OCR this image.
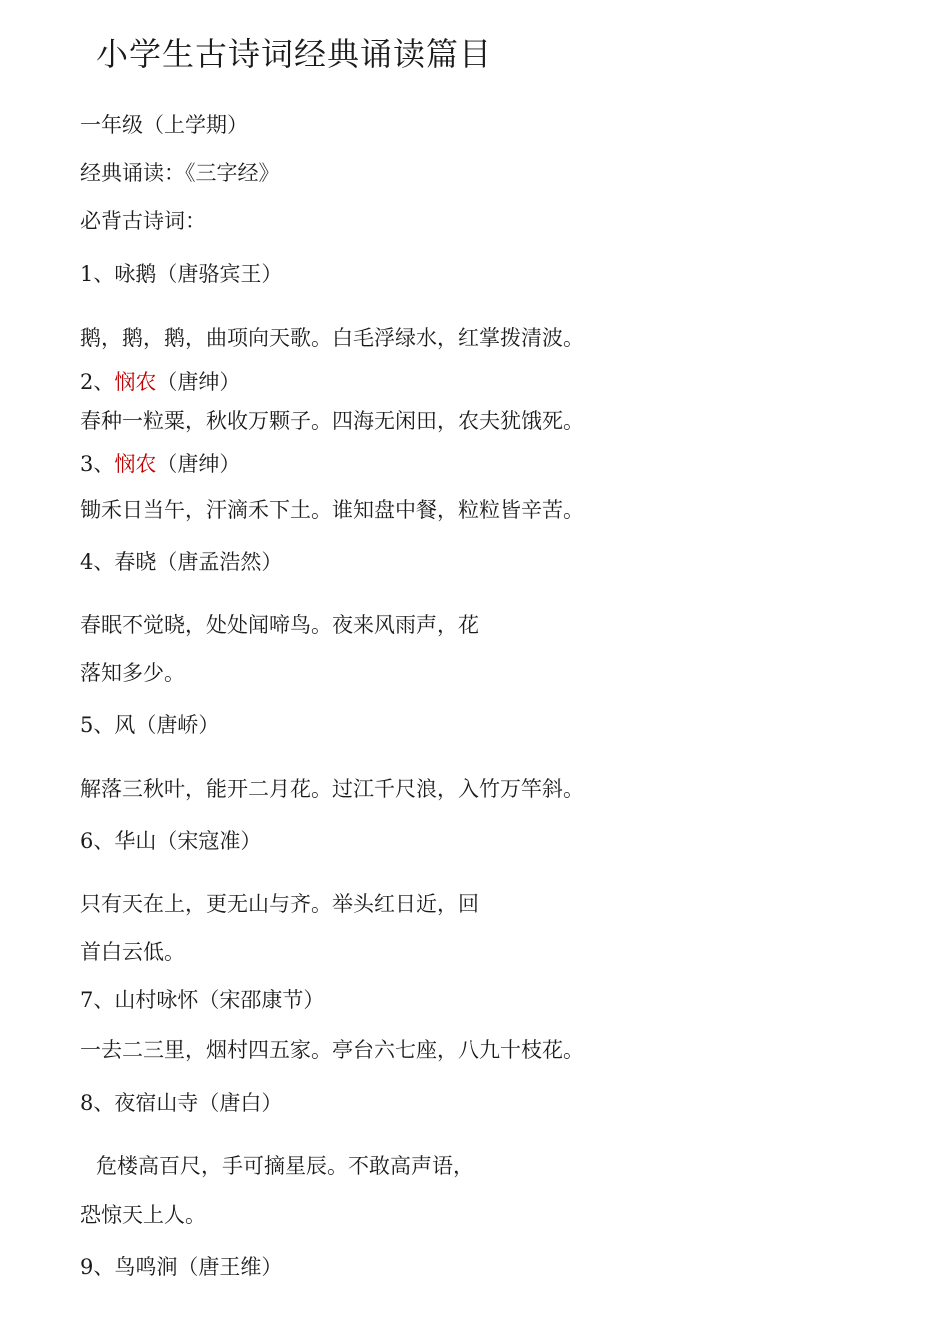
小学生古诗词经典诵读篇目
一年级（上学期）
经典诵读：《三字经》
必背古诗词：
1、咏鹅（唐骆宾王）
鹅，鹅，鹅，曲项向天歌。白毛浮绿水，红掌拨清波。
2、悯农（唐绅）
春种一粒粟，秋收万颗子。四海无闲田，农夫犹饿死。
3、悯农（唐绅）
锄禾日当午，汗滴禾下土。谁知盘中餐，粒粒皆辛苦。
4、春晓（唐孟浩然）
春眠不觉晓，处处闻啼鸟。夜来风雨声，花
落知多少。
5、风（唐峤）
解落三秋叶，能开二月花。过江千尺浪，入竹万竿斜。
6、华山（宋寇准）
只有天在上，更无山与齐。举头红日近，回
首白云低。
7、山村咏怀（宋邵康节）
一去二三里，烟村四五家。亭台六七座，八九十枝花。
8、夜宿山寺（唐白）
危楼高百尺，手可摘星辰。不敢高声语，
恐惊天上人。
9、鸟鸣涧（唐王维）
